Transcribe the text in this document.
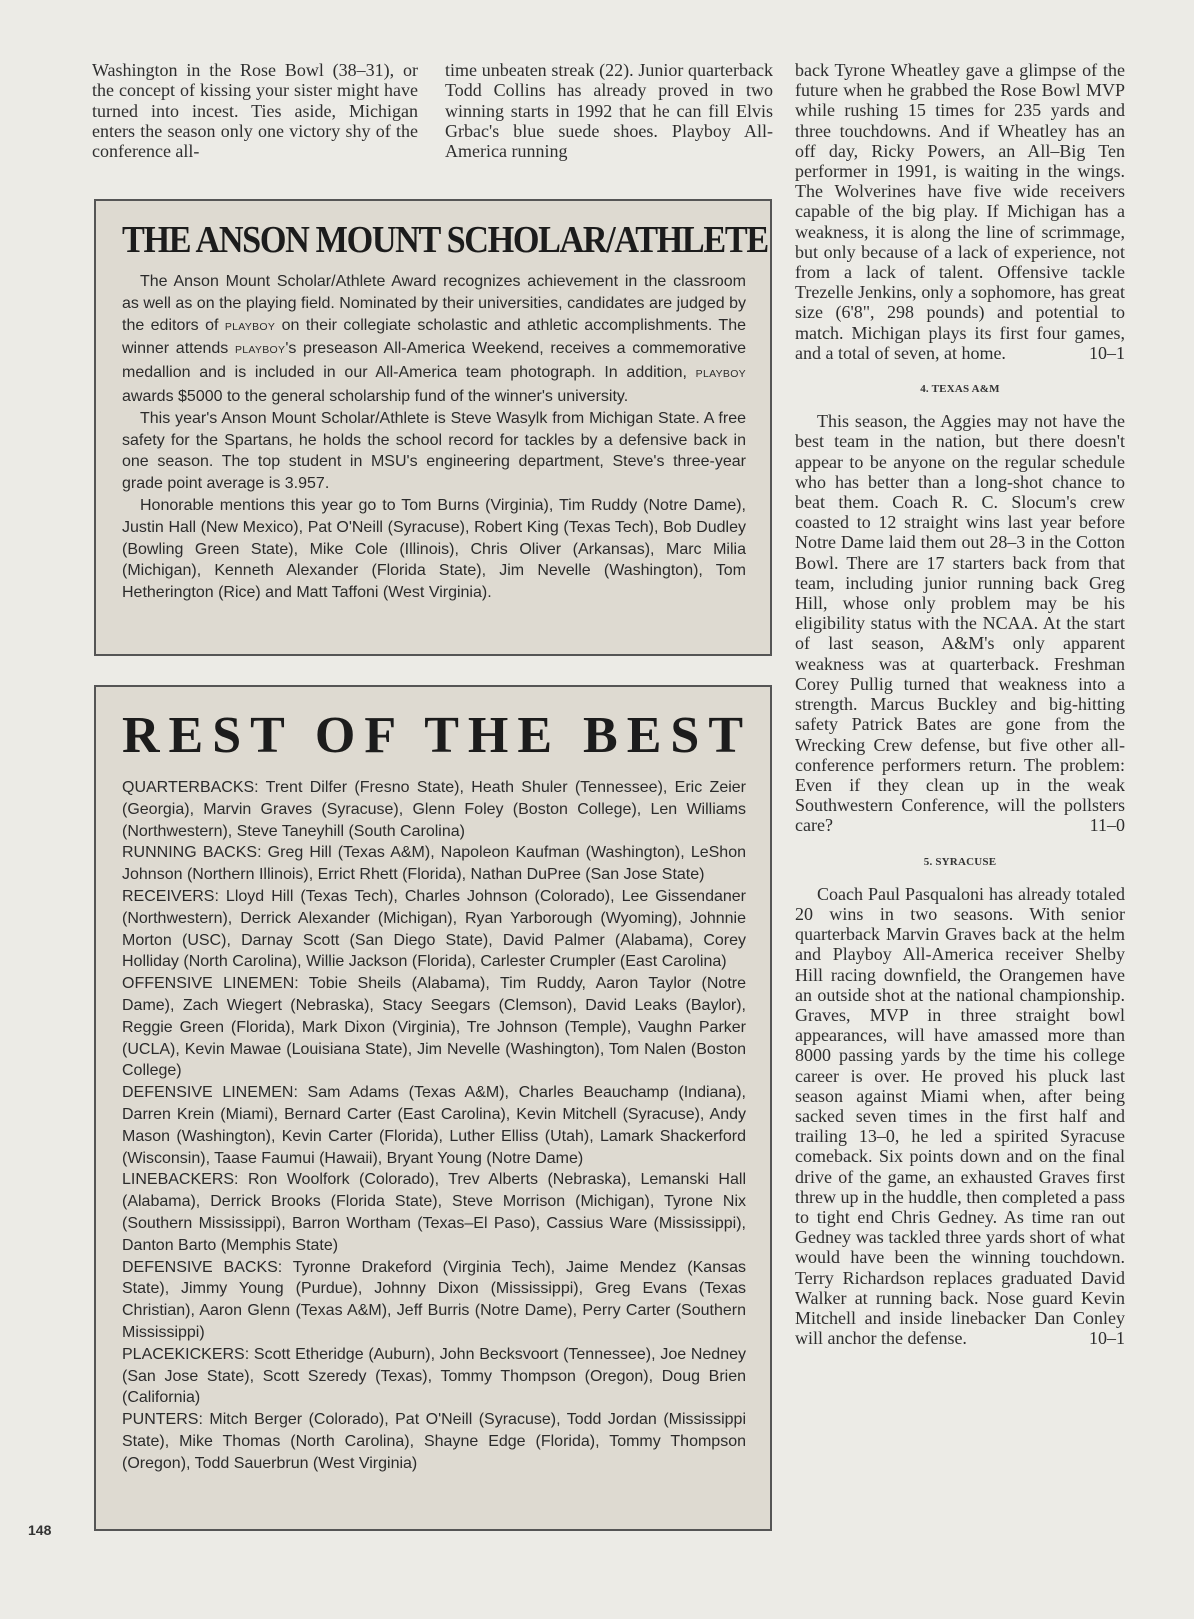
Washington in the Rose Bowl (38–31), or the concept of kissing your sister might have turned into incest. Ties aside, Michigan enters the season only one victory shy of the conference all-

time unbeaten streak (22). Junior quarterback Todd Collins has already proved in two winning starts in 1992 that he can fill Elvis Grbac's blue suede shoes. Playboy All-America running

THE ANSON MOUNT SCHOLAR/ATHLETE

The Anson Mount Scholar/Athlete Award recognizes achievement in the classroom as well as on the playing field. Nominated by their universities, candidates are judged by the editors of PLAYBOY on their collegiate scholastic and athletic accomplishments. The winner attends PLAYBOY's preseason All-America Weekend, receives a commemorative medallion and is included in our All-America team photograph. In addition, PLAYBOY awards $5000 to the general scholarship fund of the winner's university.

This year's Anson Mount Scholar/Athlete is Steve Wasylk from Michigan State. A free safety for the Spartans, he holds the school record for tackles by a defensive back in one season. The top student in MSU's engineering department, Steve's three-year grade point average is 3.957.

Honorable mentions this year go to Tom Burns (Virginia), Tim Ruddy (Notre Dame), Justin Hall (New Mexico), Pat O'Neill (Syracuse), Robert King (Texas Tech), Bob Dudley (Bowling Green State), Mike Cole (Illinois), Chris Oliver (Arkansas), Marc Milia (Michigan), Kenneth Alexander (Florida State), Jim Nevelle (Washington), Tom Hetherington (Rice) and Matt Taffoni (West Virginia).

REST OF THE BEST

QUARTERBACKS: Trent Dilfer (Fresno State), Heath Shuler (Tennessee), Eric Zeier (Georgia), Marvin Graves (Syracuse), Glenn Foley (Boston College), Len Williams (Northwestern), Steve Taneyhill (South Carolina)

RUNNING BACKS: Greg Hill (Texas A&M), Napoleon Kaufman (Washington), LeShon Johnson (Northern Illinois), Errict Rhett (Florida), Nathan DuPree (San Jose State)

RECEIVERS: Lloyd Hill (Texas Tech), Charles Johnson (Colorado), Lee Gissendaner (Northwestern), Derrick Alexander (Michigan), Ryan Yarborough (Wyoming), Johnnie Morton (USC), Darnay Scott (San Diego State), David Palmer (Alabama), Corey Holliday (North Carolina), Willie Jackson (Florida), Carlester Crumpler (East Carolina)

OFFENSIVE LINEMEN: Tobie Sheils (Alabama), Tim Ruddy, Aaron Taylor (Notre Dame), Zach Wiegert (Nebraska), Stacy Seegars (Clemson), David Leaks (Baylor), Reggie Green (Florida), Mark Dixon (Virginia), Tre Johnson (Temple), Vaughn Parker (UCLA), Kevin Mawae (Louisiana State), Jim Nevelle (Washington), Tom Nalen (Boston College)

DEFENSIVE LINEMEN: Sam Adams (Texas A&M), Charles Beauchamp (Indiana), Darren Krein (Miami), Bernard Carter (East Carolina), Kevin Mitchell (Syracuse), Andy Mason (Washington), Kevin Carter (Florida), Luther Elliss (Utah), Lamark Shackerford (Wisconsin), Taase Faumui (Hawaii), Bryant Young (Notre Dame)

LINEBACKERS: Ron Woolfork (Colorado), Trev Alberts (Nebraska), Lemanski Hall (Alabama), Derrick Brooks (Florida State), Steve Morrison (Michigan), Tyrone Nix (Southern Mississippi), Barron Wortham (Texas–El Paso), Cassius Ware (Mississippi), Danton Barto (Memphis State)

DEFENSIVE BACKS: Tyronne Drakeford (Virginia Tech), Jaime Mendez (Kansas State), Jimmy Young (Purdue), Johnny Dixon (Mississippi), Greg Evans (Texas Christian), Aaron Glenn (Texas A&M), Jeff Burris (Notre Dame), Perry Carter (Southern Mississippi)

PLACEKICKERS: Scott Etheridge (Auburn), John Becksvoort (Tennessee), Joe Nedney (San Jose State), Scott Szeredy (Texas), Tommy Thompson (Oregon), Doug Brien (California)

PUNTERS: Mitch Berger (Colorado), Pat O'Neill (Syracuse), Todd Jordan (Mississippi State), Mike Thomas (North Carolina), Shayne Edge (Florida), Tommy Thompson (Oregon), Todd Sauerbrun (West Virginia)

back Tyrone Wheatley gave a glimpse of the future when he grabbed the Rose Bowl MVP while rushing 15 times for 235 yards and three touchdowns. And if Wheatley has an off day, Ricky Powers, an All–Big Ten performer in 1991, is waiting in the wings. The Wolverines have five wide receivers capable of the big play. If Michigan has a weakness, it is along the line of scrimmage, but only because of a lack of experience, not from a lack of talent. Offensive tackle Trezelle Jenkins, only a sophomore, has great size (6'8", 298 pounds) and potential to match. Michigan plays its first four games, and a total of seven, at home.	10–1

4. TEXAS A&M

This season, the Aggies may not have the best team in the nation, but there doesn't appear to be anyone on the regular schedule who has better than a long-shot chance to beat them. Coach R. C. Slocum's crew coasted to 12 straight wins last year before Notre Dame laid them out 28–3 in the Cotton Bowl. There are 17 starters back from that team, including junior running back Greg Hill, whose only problem may be his eligibility status with the NCAA. At the start of last season, A&M's only apparent weakness was at quarterback. Freshman Corey Pullig turned that weakness into a strength. Marcus Buckley and big-hitting safety Patrick Bates are gone from the Wrecking Crew defense, but five other all-conference performers return. The problem: Even if they clean up in the weak Southwestern Conference, will the pollsters care?	11–0

5. SYRACUSE

Coach Paul Pasqualoni has already totaled 20 wins in two seasons. With senior quarterback Marvin Graves back at the helm and Playboy All-America receiver Shelby Hill racing downfield, the Orangemen have an outside shot at the national championship. Graves, MVP in three straight bowl appearances, will have amassed more than 8000 passing yards by the time his college career is over. He proved his pluck last season against Miami when, after being sacked seven times in the first half and trailing 13–0, he led a spirited Syracuse comeback. Six points down and on the final drive of the game, an exhausted Graves first threw up in the huddle, then completed a pass to tight end Chris Gedney. As time ran out Gedney was tackled three yards short of what would have been the winning touchdown. Terry Richardson replaces graduated David Walker at running back. Nose guard Kevin Mitchell and inside linebacker Dan Conley will anchor the defense.	10–1

148
